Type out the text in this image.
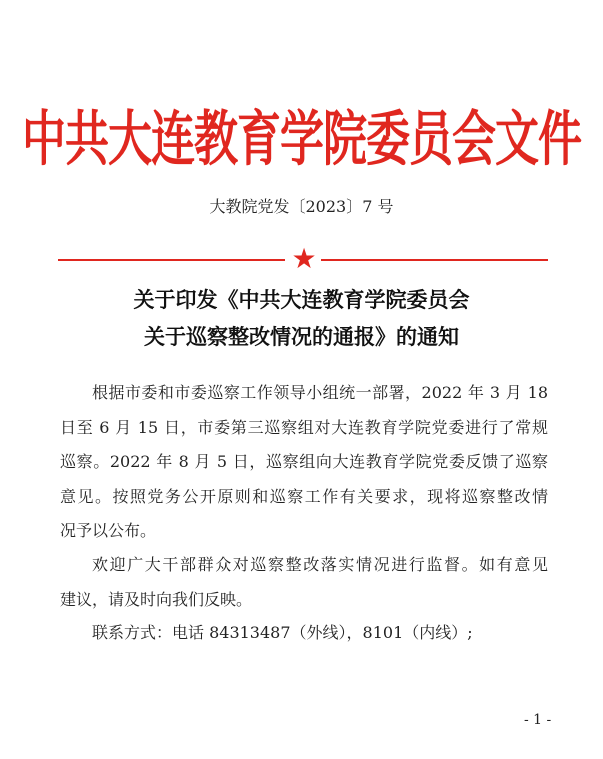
中共大连教育学院委员会文件
大教院党发〔2023〕7 号
★
关于印发《中共大连教育学院委员会
关于巡察整改情况的通报》的通知
根据市委和市委巡察工作领导小组统一部署，2022 年 3 月 18
日至 6 月 15 日，市委第三巡察组对大连教育学院党委进行了常规
巡察。2022 年 8 月 5 日，巡察组向大连教育学院党委反馈了巡察
意见。按照党务公开原则和巡察工作有关要求，现将巡察整改情
况予以公布。
欢迎广大干部群众对巡察整改落实情况进行监督。如有意见
建议，请及时向我们反映。
联系方式：电话 84313487（外线），8101（内线）;
- 1 -
